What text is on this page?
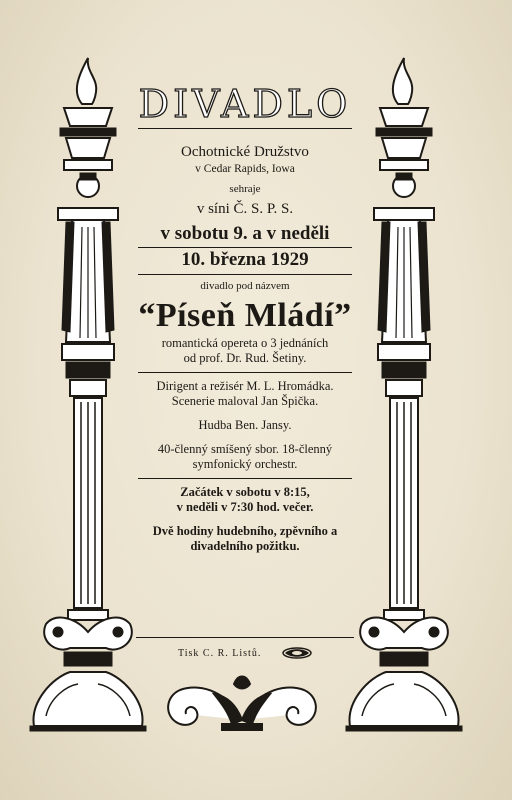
DIVADLO
Ochotnické Družstvo
v Cedar Rapids, Iowa
sehraje
v síni Č. S. P. S.
v sobotu 9. a v neděli
10. března 1929
divadlo pod názvem
“Píseň Mládí”
romantická opereta o 3 jednáních
od prof. Dr. Rud. Šetiny.
Dirigent a režisér M. L. Hromádka.
Scenerie maloval Jan Špička.
Hudba Ben. Jansy.
40-členný smíšený sbor. 18-členný
symfonický orchestr.
Začátek v sobotu v 8:15,
v neděli v 7:30 hod. večer.
Dvě hodiny hudebního, zpěvního a
divadelního požitku.
Tisk C. R. Listů.
